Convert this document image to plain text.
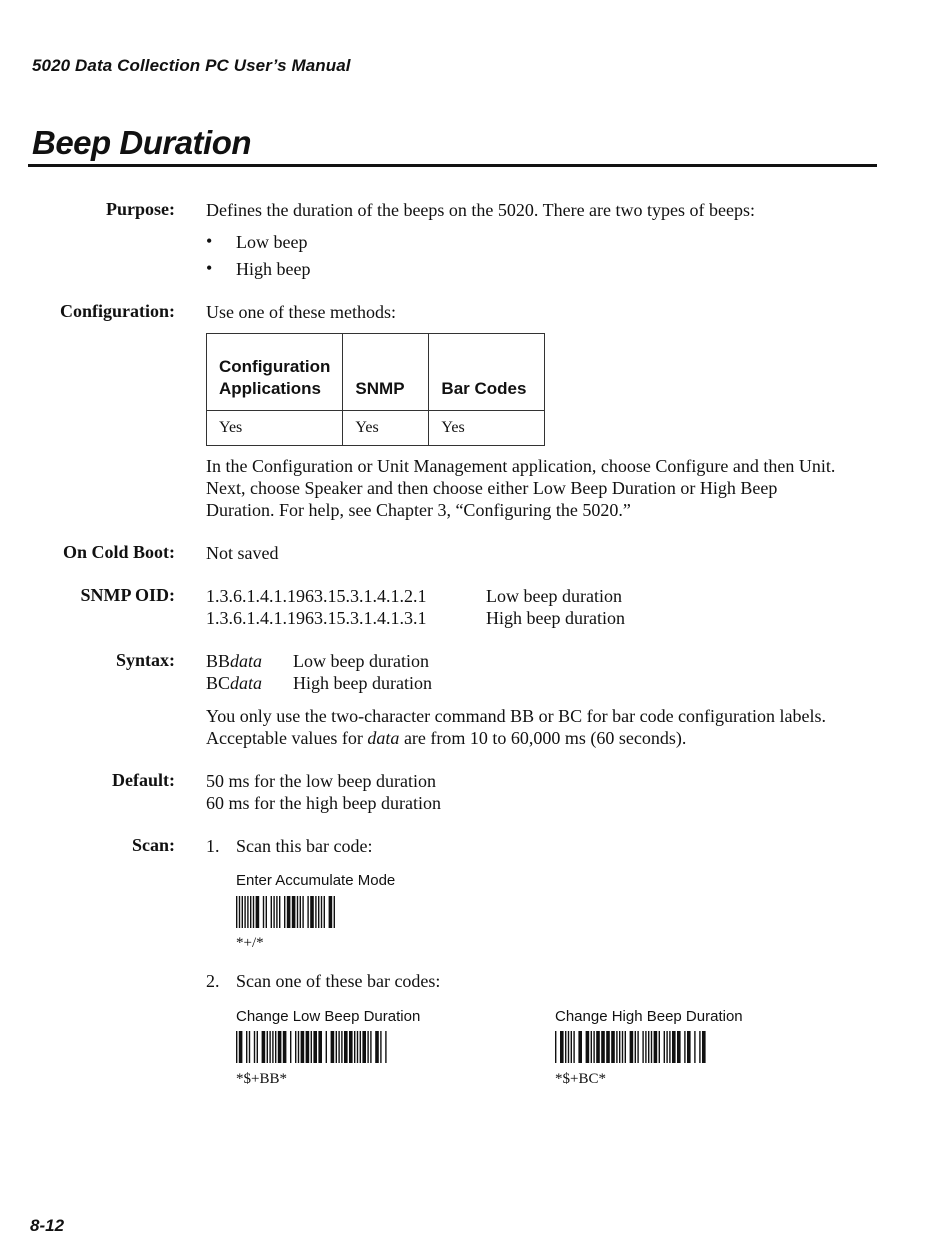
5020 Data Collection PC User’s Manual
Beep Duration
Purpose: Defines the duration of the beeps on the 5020. There are two types of beeps:
• Low beep
• High beep
Configuration: Use one of these methods:
Configuration Applications	SNMP	Bar Codes
Yes	Yes	Yes
In the Configuration or Unit Management application, choose Configure and then Unit.
Next, choose Speaker and then choose either Low Beep Duration or High Beep
Duration. For help, see Chapter 3, “Configuring the 5020.”
On Cold Boot: Not saved
SNMP OID: 1.3.6.1.4.1.1963.15.3.1.4.1.2.1	Low beep duration
1.3.6.1.4.1.1963.15.3.1.4.1.3.1	High beep duration
Syntax: BBdata Low beep duration
BCdata High beep duration
You only use the two-character command BB or BC for bar code configuration labels.
Acceptable values for data are from 10 to 60,000 ms (60 seconds).
Default: 50 ms for the low beep duration
60 ms for the high beep duration
Scan: 1. Scan this bar code:
Enter Accumulate Mode
*+/*
2. Scan one of these bar codes:
Change Low Beep Duration
*$+BB*
Change High Beep Duration
*$+BC*
8-12
